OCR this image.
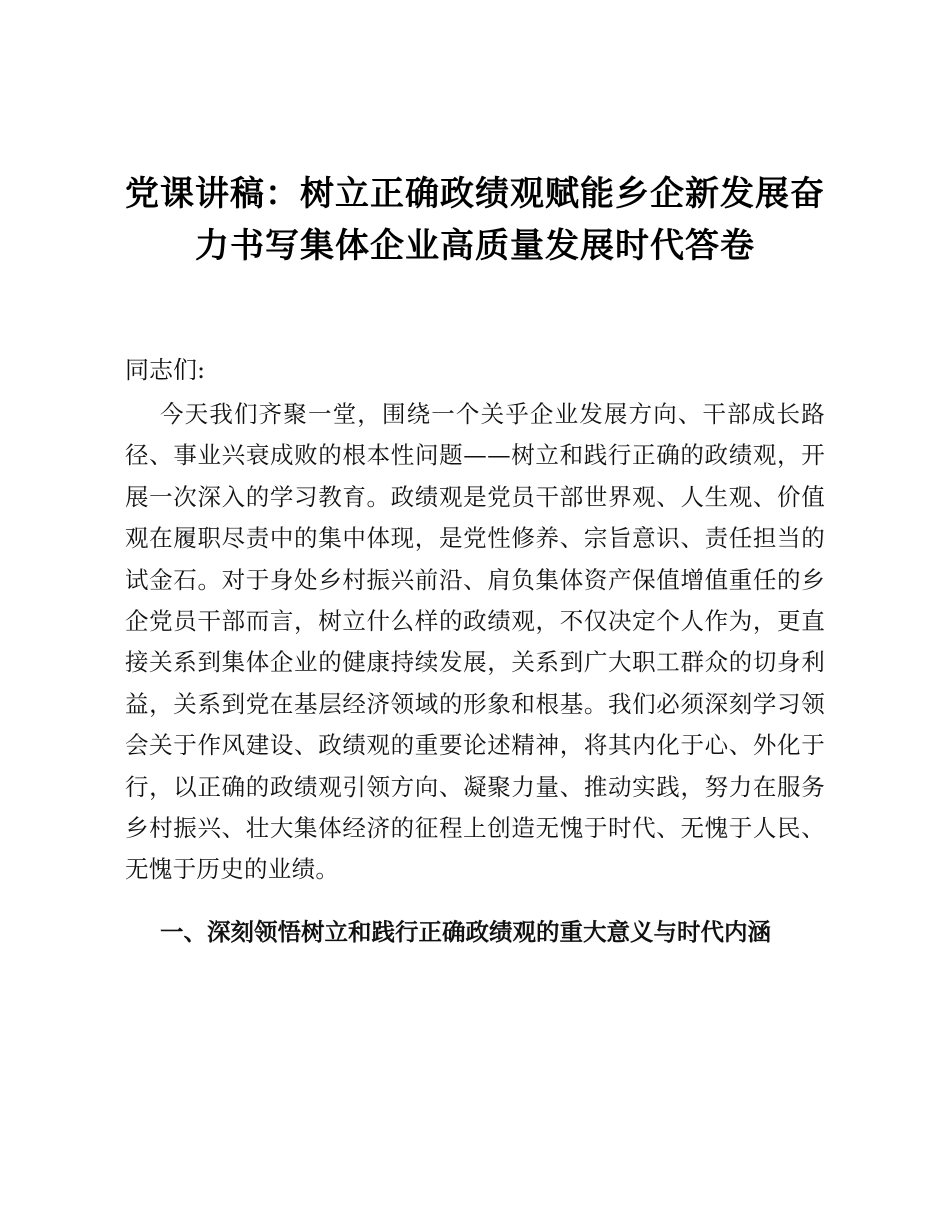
党课讲稿：树立正确政绩观赋能乡企新发展奋
力书写集体企业高质量发展时代答卷
同志们:

今天我们齐聚一堂，围绕一个关乎企业发展方向、干部成长路径、事业兴衰成败的根本性问题——树立和践行正确的政绩观，开展一次深入的学习教育。政绩观是党员干部世界观、人生观、价值观在履职尽责中的集中体现，是党性修养、宗旨意识、责任担当的试金石。对于身处乡村振兴前沿、肩负集体资产保值增值重任的乡企党员干部而言，树立什么样的政绩观，不仅决定个人作为，更直接关系到集体企业的健康持续发展，关系到广大职工群众的切身利益，关系到党在基层经济领域的形象和根基。我们必须深刻学习领会关于作风建设、政绩观的重要论述精神，将其内化于心、外化于行，以正确的政绩观引领方向、凝聚力量、推动实践，努力在服务乡村振兴、壮大集体经济的征程上创造无愧于时代、无愧于人民、无愧于历史的业绩。

一、深刻领悟树立和践行正确政绩观的重大意义与时代内涵
